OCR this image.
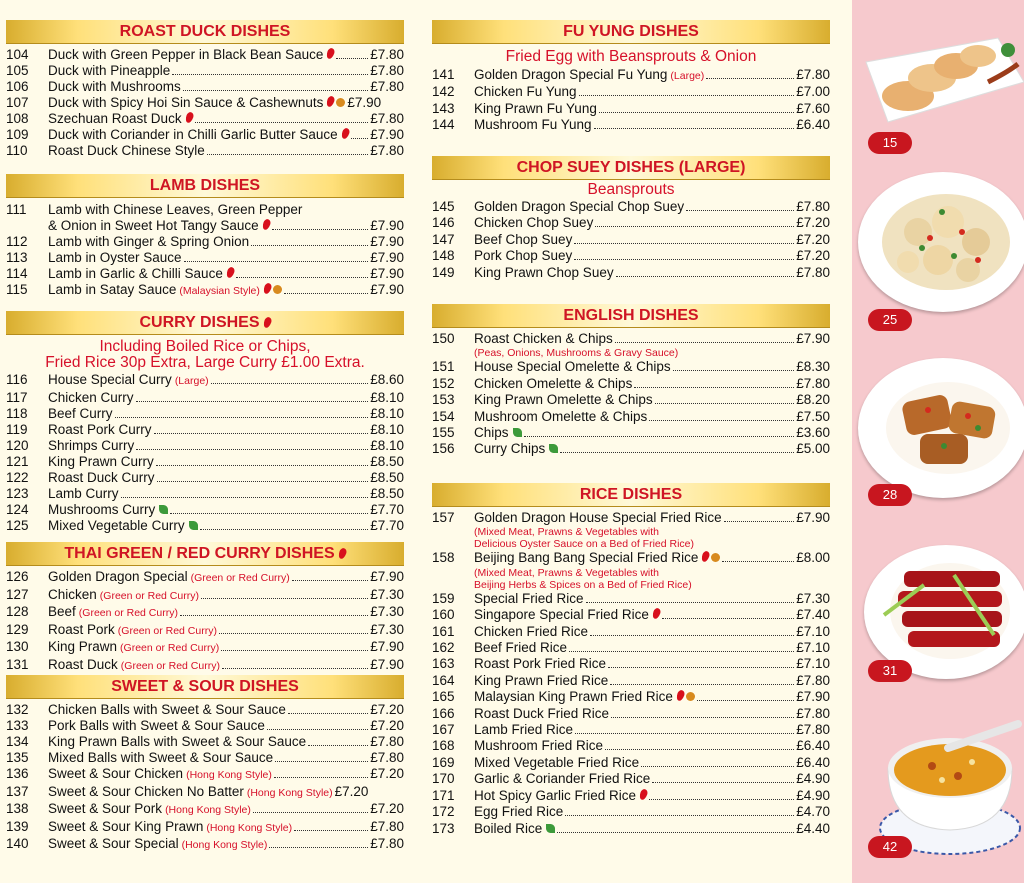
ROAST DUCK DISHES
104	Duck with Green Pepper in Black Bean Sauce	£7.80
105	Duck with Pineapple	£7.80
106	Duck with Mushrooms	£7.80
107	Duck with Spicy Hoi Sin Sauce & Cashewnuts £7.90
108	Szechuan Roast Duck	£7.80
109	Duck with Coriander in Chilli Garlic Butter Sauce £7.90
110	Roast Duck Chinese Style	£7.80
LAMB DISHES
111	Lamb with Chinese Leaves, Green Pepper
& Onion in Sweet Hot Tangy Sauce	£7.90
112	Lamb with Ginger & Spring Onion	£7.90
113	Lamb in Oyster Sauce	£7.90
114	Lamb in Garlic & Chilli Sauce	£7.90
115	Lamb in Satay Sauce (Malaysian Style)	£7.90
CURRY DISHES
Including Boiled Rice or Chips,
Fried Rice 30p Extra, Large Curry £1.00 Extra.
116	House Special Curry (Large)	£8.60
117	Chicken Curry	£8.10
118	Beef Curry	£8.10
119	Roast Pork Curry	£8.10
120	Shrimps Curry	£8.10
121	King Prawn Curry	£8.50
122	Roast Duck Curry	£8.50
123	Lamb Curry	£8.50
124	Mushrooms Curry	£7.70
125	Mixed Vegetable Curry	£7.70
THAI GREEN / RED CURRY DISHES
126	Golden Dragon Special (Green or Red Curry)	£7.90
127	Chicken (Green or Red Curry)	£7.30
128	Beef (Green or Red Curry)	£7.30
129	Roast Pork (Green or Red Curry)	£7.30
130	King Prawn (Green or Red Curry)	£7.90
131	Roast Duck (Green or Red Curry)	£7.90
SWEET & SOUR DISHES
132	Chicken Balls with Sweet & Sour Sauce	£7.20
133	Pork Balls with Sweet & Sour Sauce	£7.20
134	King Prawn Balls with Sweet & Sour Sauce	£7.80
135	Mixed Balls with Sweet & Sour Sauce	£7.80
136	Sweet & Sour Chicken (Hong Kong Style)	£7.20
137	Sweet & Sour Chicken No Batter (Hong Kong Style) £7.20
138	Sweet & Sour Pork (Hong Kong Style)	£7.20
139	Sweet & Sour King Prawn (Hong Kong Style)	£7.80
140	Sweet & Sour Special (Hong Kong Style)	£7.80
FU YUNG DISHES
Fried Egg with Beansprouts & Onion
141	Golden Dragon Special Fu Yung (Large)	£7.80
142	Chicken Fu Yung	£7.00
143	King Prawn Fu Yung	£7.60
144	Mushroom Fu Yung	£6.40
CHOP SUEY DISHES (LARGE)
Beansprouts
145	Golden Dragon Special Chop Suey	£7.80
146	Chicken Chop Suey	£7.20
147	Beef Chop Suey	£7.20
148	Pork Chop Suey	£7.20
149	King Prawn Chop Suey	£7.80
ENGLISH DISHES
150	Roast Chicken & Chips	£7.90
(Peas, Onions, Mushrooms & Gravy Sauce)
151	House Special Omelette & Chips	£8.30
152	Chicken Omelette & Chips	£7.80
153	King Prawn Omelette & Chips	£8.20
154	Mushroom Omelette & Chips	£7.50
155	Chips	£3.60
156	Curry Chips	£5.00
RICE DISHES
157	Golden Dragon House Special Fried Rice	£7.90
(Mixed Meat, Prawns & Vegetables with
Delicious Oyster Sauce on a Bed of Fried Rice)
158	Beijing Bang Bang Special Fried Rice	£8.00
(Mixed Meat, Prawns & Vegetables with
Beijing Herbs & Spices on a Bed of Fried Rice)
159	Special Fried Rice	£7.30
160	Singapore Special Fried Rice	£7.40
161	Chicken Fried Rice	£7.10
162	Beef Fried Rice	£7.10
163	Roast Pork Fried Rice	£7.10
164	King Prawn Fried Rice	£7.80
165	Malaysian King Prawn Fried Rice	£7.90
166	Roast Duck Fried Rice	£7.80
167	Lamb Fried Rice	£7.80
168	Mushroom Fried Rice	£6.40
169	Mixed Vegetable Fried Rice	£6.40
170	Garlic & Coriander Fried Rice	£4.90
171	Hot Spicy Garlic Fried Rice	£4.90
172	Egg Fried Rice	£4.70
173	Boiled Rice	£4.40
15
25
28
31
42
